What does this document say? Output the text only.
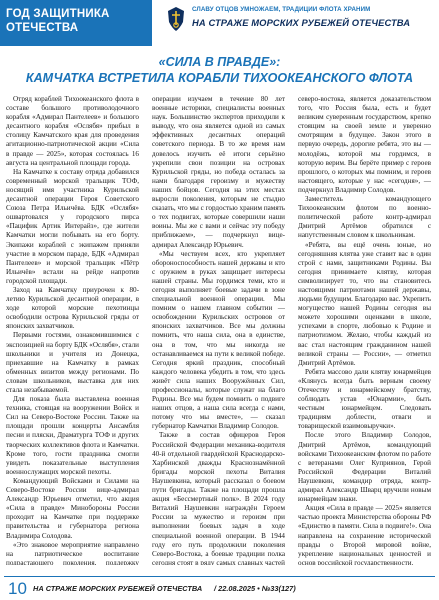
ГОД ЗАЩИТНИКА
ОТЕЧЕСТВА
СЛАВУ ОТЦОВ УМНОЖАЕМ, ТРАДИЦИИ ФЛОТА ХРАНИМ
НА СТРАЖЕ МОРСКИХ РУБЕЖЕЙ ОТЕЧЕСТВА
«СИЛА В ПРАВДЕ»:
КАМЧАТКА ВСТРЕТИЛА КОРАБЛИ ТИХООКЕАНСКОГО ФЛОТА

Отряд кораблей Тихоокеанского флота в составе большого противолодочного корабля «Адмирал Пантелеев» и большого десантного корабля «Ослябя» прибыл в столицу Камчатского края для проведения агитационно-патриотической акции «Сила в правде — 2025», которая состоялась 16 августа на центральной площади города.

На Камчатке к составу отряда добавился современный морской тральщик ТОФ, носящий имя участника Курильской десантной операции Героя Советского Союза Петра Ильичёва. БДК «Ослябя» ошвартовался у городского пирса «Пацифик Артик Интерайз», где жители Камчатки могли побывать на его борту. Экипажи кораблей с экипажем приняли участие в морском параде, БДК «Адмирал Пантелеев» и морской тральщик «Пётр Ильичёв» встали на рейде напротив городской площади.

Заход на Камчатку приурочен к 80-летию Курильской десантной операции, в ходе которой морские пехотинцы освободили острова Курильской гряды от японских захватчиков.

Первыми гостями, ознакомившимися с экспозицией на борту БДК «Ослябя», стали школьники и учителя из Донецка, приехавшие на Камчатку в рамках обменных визитов между регионами. По словам школьников, выставка для них стала незабываемой.

Для показа была выставлена военная техника, стоящая на вооружении Войск и Сил на Северо-Востоке России. Также на площади прошли концерты Ансамбля песни и пляски, Драматурга ТОФ и других творческих коллективов флота и Камчатки. Кроме того, гости праздника смогли увидеть показательные выступления военнослужащих морской пехоты.

Командующий Войсками и Силами на Северо-Востоке России вице-адмирал Александр Юрьевич отметил, что акция «Сила в правде» Минобороны России проходит на Камчатке при поддержке правительства и губернатора региона Владимира Солодова.

«Это знаковое мероприятие направлено на патриотическое воспитание подрастающего поколения, поддержку

операции изучаем в течение 80 лет военные историки, специалисты военных наук. Большинство экспертов приходили к выводу, что она является одной из самых эффективных десантных операций советского периода. В то же время нам довелось изучить её итоги серьёзно укрепили свои позиции на островах Курильской гряды, но победа осталась за нами благодаря героизму и мужеству наших бойцов. Сегодня на этих местах выросли поколения, которым не стыдно сказать, что мы с гордостью храним память о тех подвигах, которые совершили наши воины. Мы же с вами и сейчас эту победу приближаем», — подчеркнул вице-адмирал Александр Юрьевич.

«Мы чествуем всех, кто укрепляет обороноспособность нашей державы и кто с оружием в руках защищает интересы нашей страны. Мы гордимся теми, кто и сегодня выполняет боевые задачи в зоне специальной военной операции. Мы помним о нашем главном событии — освобождении Курильских островов от японских захватчиков. Все мы должны помнить, что наша сила, она в единстве, она в том, что мы никогда не останавливаемся на пути к великой победе. Сегодня яркий праздник, способный каждого человека убедить в том, что здесь живёт сила наших Вооружённых Сил, профессионалы, которые служат на благо Родины. Все мы будем помнить о подвиге наших отцов, а наша сила всегда с нами, потому что мы вместе», — сказал губернатор Камчатки Владимир Солодов.

Также в состав офицеров Героя Российской Федерации механика-водителя 40-й отдельной гвардейской Краснодарско-Харбинской дважды Краснознамённой бригады морской пехоты Виталия Наушевкина, который рассказал о боевом пути бригады. Также на площади прошла акция «Бессмертный полк». В 2024 году Виталий Наушевкин награждён Героем России за мужество и героизм при выполнении боевых задач в ходе специальной военной операции. В 1944 году его путь продолжили поколения Северо-Востока, а боевые традиции полка сегодня стоят в ряду самых славных частей

северо-востока, является доказательством того, что Россия была, есть и будет великим суверенным государством, крепко стоящим на своей земле и уверенно смотрящим в будущее. Закон этого в первую очередь, дорогие ребята, это вы — молодёжь, которой мы гордимся, в которую верим. Вы берёте пример с героев прошлого, о которых мы помним, и героев настоящего, которые у нас «сегодня», — подчеркнул Владимир Солодов.

Заместитель командующего Тихоокеанским флотом по военно-политической работе контр-адмирал Дмитрий Артёмов обратился с напутственным словом к школьникам.

«Ребята, вы ещё очень юные, но сегодняшняя клятва уже ставит вас в один строй с нами, защитниками Родины. Вы сегодня принимаете клятву, которая символизирует то, что вы становитесь настоящими патриотами нашей державы, людьми будущим. Благодарю вас. Укрепить могущество нашей Родины сегодня вы можете хорошими оценками в школе, успехами в спорте, любовью к Родине и патриотизмом. Желаю, чтобы каждый из вас стал настоящим гражданином нашей великой страны — России», — отметил Дмитрий Артёмов.

Ребята массово дали клятву юнармейцев «Клянусь всегда быть верным своему Отечеству и юнармейскому братству, соблюдать устав «Юнармии», быть честным юнармейцем. Следовать традициям доблести, отваги и товарищеской взаимовыручки».

После этого Владимир Солодов, Дмитрий Артёмов, командующий войсками Тихоокеанским флотом по работе с ветеранами Олег Куприянов, Герой Российской Федерации Виталий Наушевкин, командир отряда, контр-адмирал Александр Шварц вручили новым юнармейцам знаки.

Акция «Сила в правде — 2025» является частью проекта Министерства обороны РФ «Единство в памяти. Сила в подвиге!». Она направлена на сохранение исторической правды о Второй мировой войне, укрепление национальных ценностей и основ российской государственности.

10 НА СТРАЖЕ МОРСКИХ РУБЕЖЕЙ ОТЕЧЕСТВА / 22.08.2025 • №33(127)
